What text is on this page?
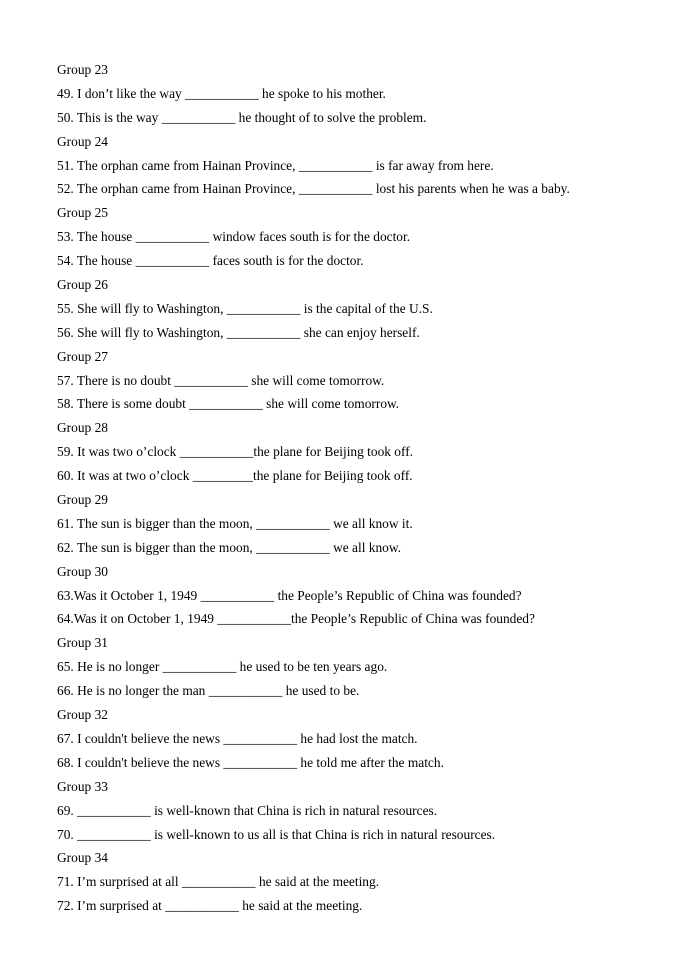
Group 23
49. I don’t like the way ___________ he spoke to his mother.
50. This is the way ___________ he thought of to solve the problem.
Group 24
51. The orphan came from Hainan Province, ___________ is far away from here.
52. The orphan came from Hainan Province, ___________ lost his parents when he was a baby.
Group 25
53. The house ___________ window faces south is for the doctor.
54. The house ___________ faces south is for the doctor.
Group 26
55. She will fly to Washington, ___________ is the capital of the U.S.
56. She will fly to Washington, ___________ she can enjoy herself.
Group 27
57. There is no doubt ___________ she will come tomorrow.
58. There is some doubt ___________ she will come tomorrow.
Group 28
59. It was two o’clock ___________the plane for Beijing took off.
60. It was at two o’clock _________the plane for Beijing took off.
Group 29
61. The sun is bigger than the moon, ___________ we all know it.
62. The sun is bigger than the moon, ___________ we all know.
Group 30
63.Was it October 1, 1949 ___________ the People’s Republic of China was founded?
64.Was it on October 1, 1949 ___________the People’s Republic of China was founded?
Group 31
65. He is no longer ___________ he used to be ten years ago.
66. He is no longer the man ___________ he used to be.
Group 32
67. I couldn't believe the news ___________ he had lost the match.
68. I couldn't believe the news ___________ he told me after the match.
Group 33
69. ___________ is well-known that China is rich in natural resources.
70. ___________ is well-known to us all is that China is rich in natural resources.
Group 34
71. I’m surprised at all ___________ he said at the meeting.
72. I’m surprised at ___________ he said at the meeting.
